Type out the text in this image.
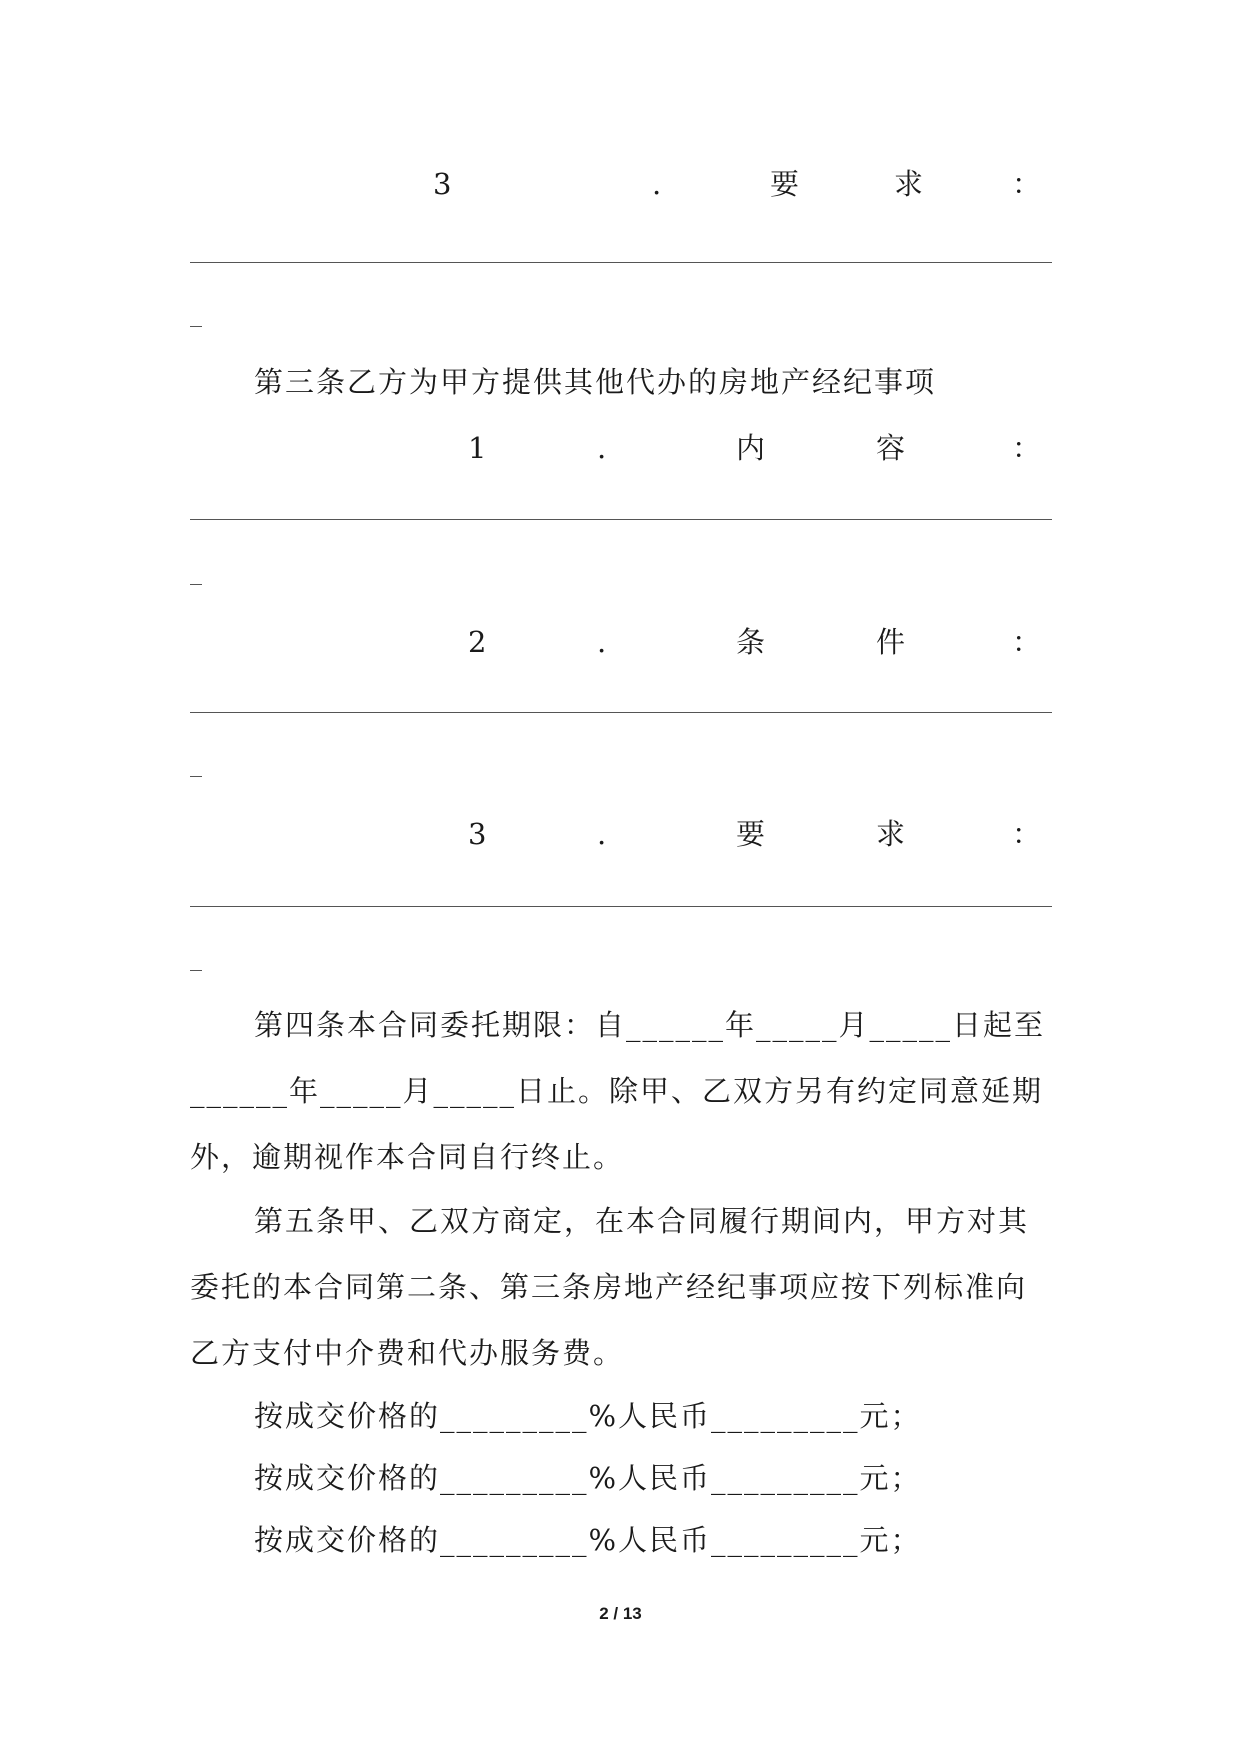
3	.	要	求	：
第三条乙方为甲方提供其他代办的房地产经纪事项
1	.	内	容	：
2	.	条	件	：
3	.	要	求	：

第四条本合同委托期限：自______年_____月_____日起至______年_____月_____日止。除甲、乙双方另有约定同意延期外，逾期视作本合同自行终止。

第五条甲、乙双方商定，在本合同履行期间内，甲方对其委托的本合同第二条、第三条房地产经纪事项应按下列标准向乙方支付中介费和代办服务费。

按成交价格的_________%人民币_________元；
按成交价格的_________%人民币_________元；
按成交价格的_________%人民币_________元；
2 / 13
